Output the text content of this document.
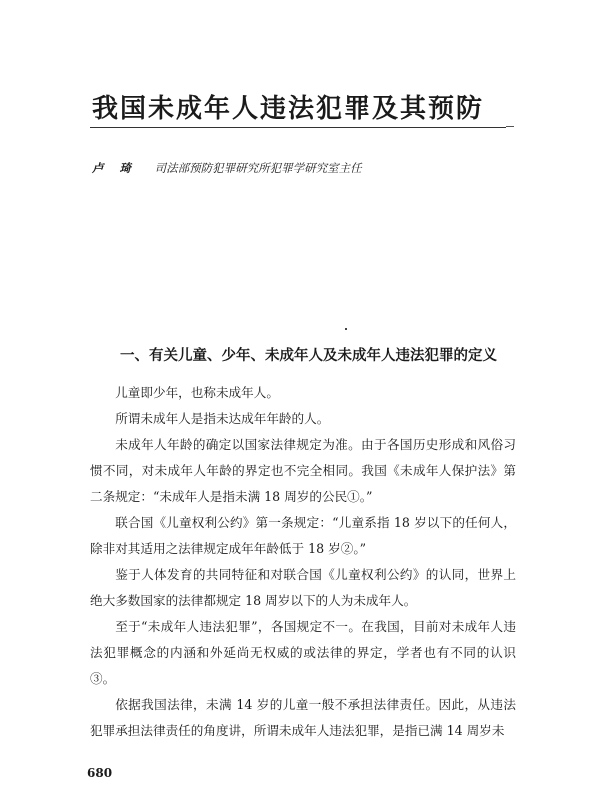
我国未成年人违法犯罪及其预防
卢 琦 司法部预防犯罪研究所犯罪学研究室主任
一、有关儿童、少年、未成年人及未成年人违法犯罪的定义

儿童即少年，也称未成年人。

所谓未成年人是指未达成年年龄的人。

未成年人年龄的确定以国家法律规定为准。由于各国历史形成和风俗习惯不同，对未成年人年龄的界定也不完全相同。我国《未成年人保护法》第二条规定：“未成年人是指未满 18 周岁的公民①。”

联合国《儿童权利公约》第一条规定：“儿童系指 18 岁以下的任何人，除非对其适用之法律规定成年年龄低于 18 岁②。”

鉴于人体发育的共同特征和对联合国《儿童权利公约》的认同，世界上绝大多数国家的法律都规定 18 周岁以下的人为未成年人。

至于“未成年人违法犯罪”，各国规定不一。在我国，目前对未成年人违法犯罪概念的内涵和外延尚无权威的或法律的界定，学者也有不同的认识③。

依据我国法律，未满 14 岁的儿童一般不承担法律责任。因此，从违法犯罪承担法律责任的角度讲，所谓未成年人违法犯罪，是指已满 14 周岁未

680
